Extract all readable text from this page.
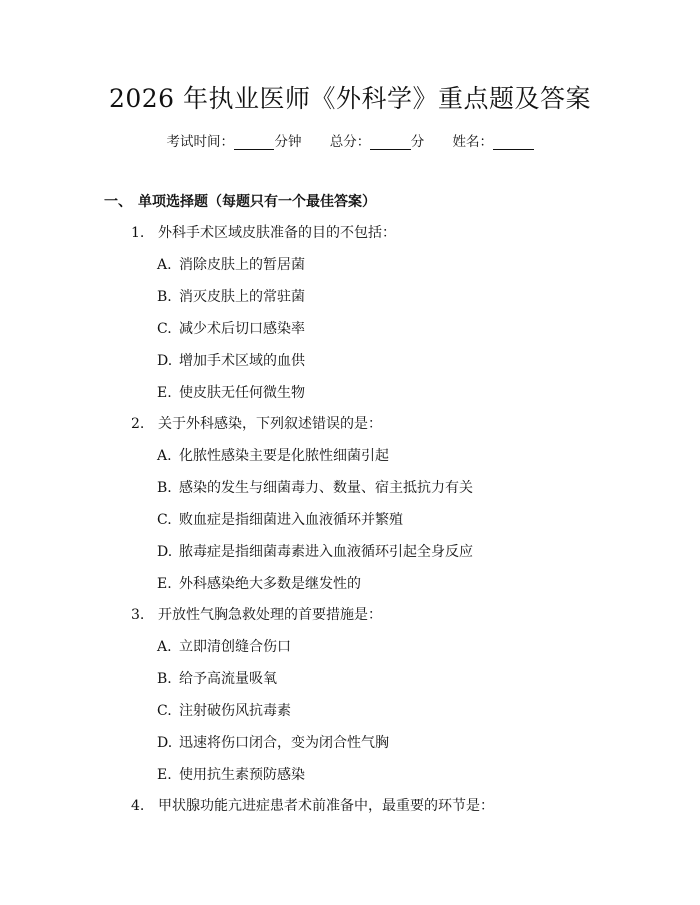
2026 年执业医师《外科学》重点题及答案
考试时间：	分钟 总分：	分 姓名：
一、 单项选择题（每题只有一个最佳答案）
1. 外科手术区域皮肤准备的目的不包括：
A. 消除皮肤上的暂居菌
B. 消灭皮肤上的常驻菌
C. 减少术后切口感染率
D. 增加手术区域的血供
E. 使皮肤无任何微生物
2. 关于外科感染，下列叙述错误的是：
A. 化脓性感染主要是化脓性细菌引起
B. 感染的发生与细菌毒力、数量、宿主抵抗力有关
C. 败血症是指细菌进入血液循环并繁殖
D. 脓毒症是指细菌毒素进入血液循环引起全身反应
E. 外科感染绝大多数是继发性的
3. 开放性气胸急救处理的首要措施是：
A. 立即清创缝合伤口
B. 给予高流量吸氧
C. 注射破伤风抗毒素
D. 迅速将伤口闭合，变为闭合性气胸
E. 使用抗生素预防感染
4. 甲状腺功能亢进症患者术前准备中，最重要的环节是：
